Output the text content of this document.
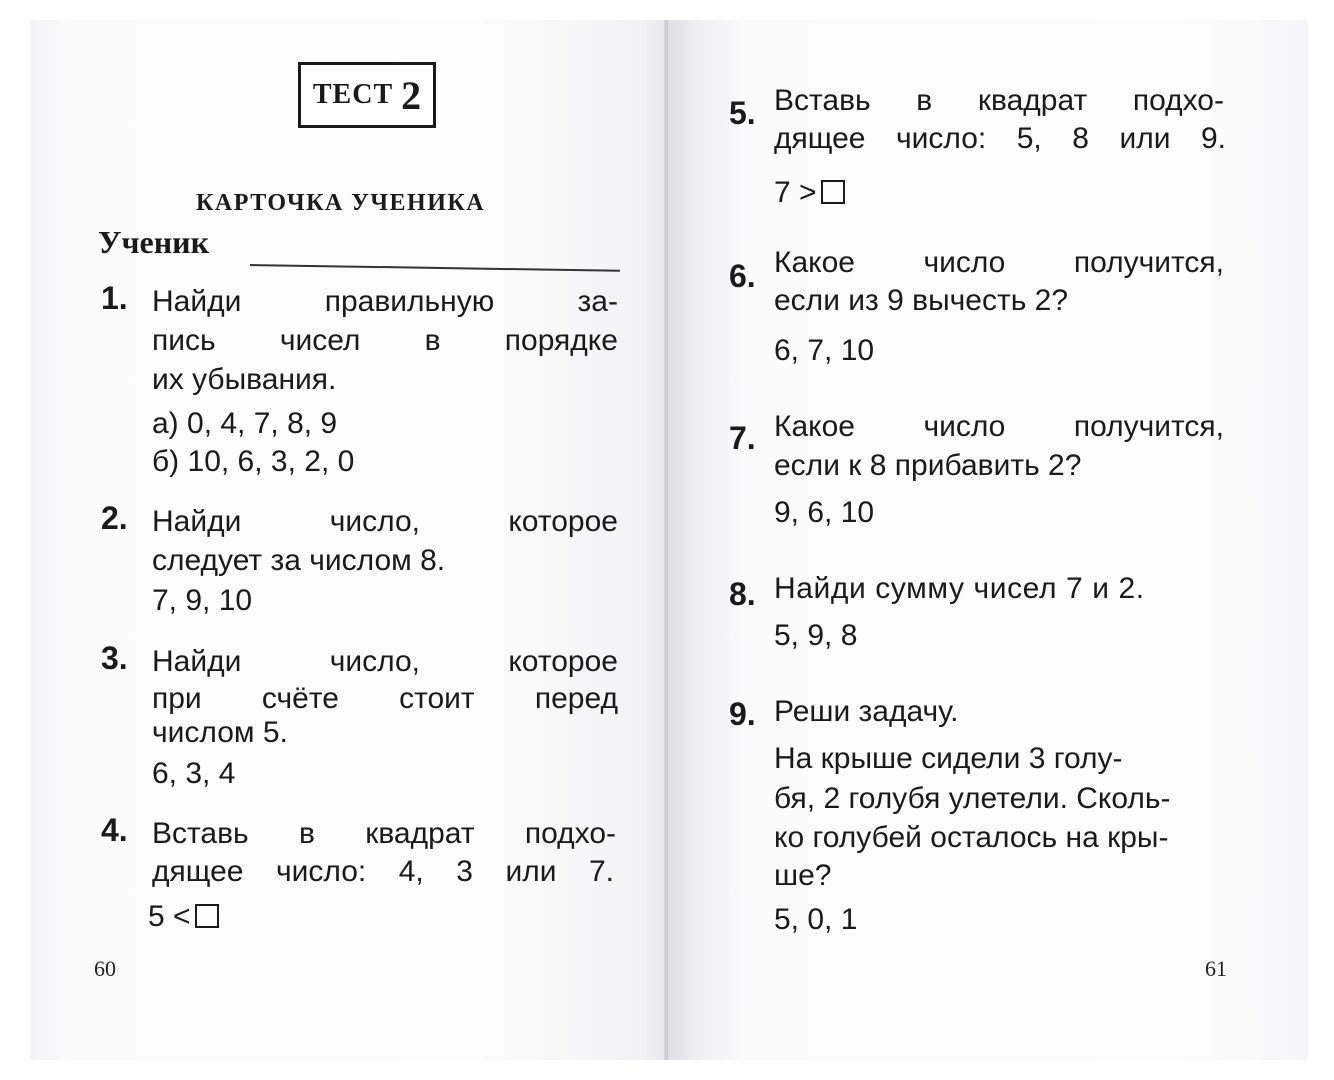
ТЕСТ 2
КАРТОЧКА УЧЕНИКА
Ученик
1. Найди	правильную	за-
пись чисел в порядке
их убывания.
а) 0, 4, 7, 8, 9
б) 10, 6, 3, 2, 0
2. Найди	число,	которое
следует за числом 8.
7, 9, 10
3. Найди	число,	которое
при счёте стоит перед
числом 5.
6, 3, 4
4. Вставь в квадрат подхо-
дящее число: 4, 3 или 7.
5 <
60
5. Вставь в квадрат подхо-
дящее число: 5, 8 или 9.
7 >
6. Какое число получится,
если из 9 вычесть 2?
6, 7, 10
7. Какое число получится,
если к 8 прибавить 2?
9, 6, 10
8. Найди сумму чисел 7 и 2.
5, 9, 8
9. Реши задачу.
На крыше сидели 3 голу-
бя, 2 голубя улетели. Сколь-
ко голубей осталось на кры-
ше?
5, 0, 1
61
